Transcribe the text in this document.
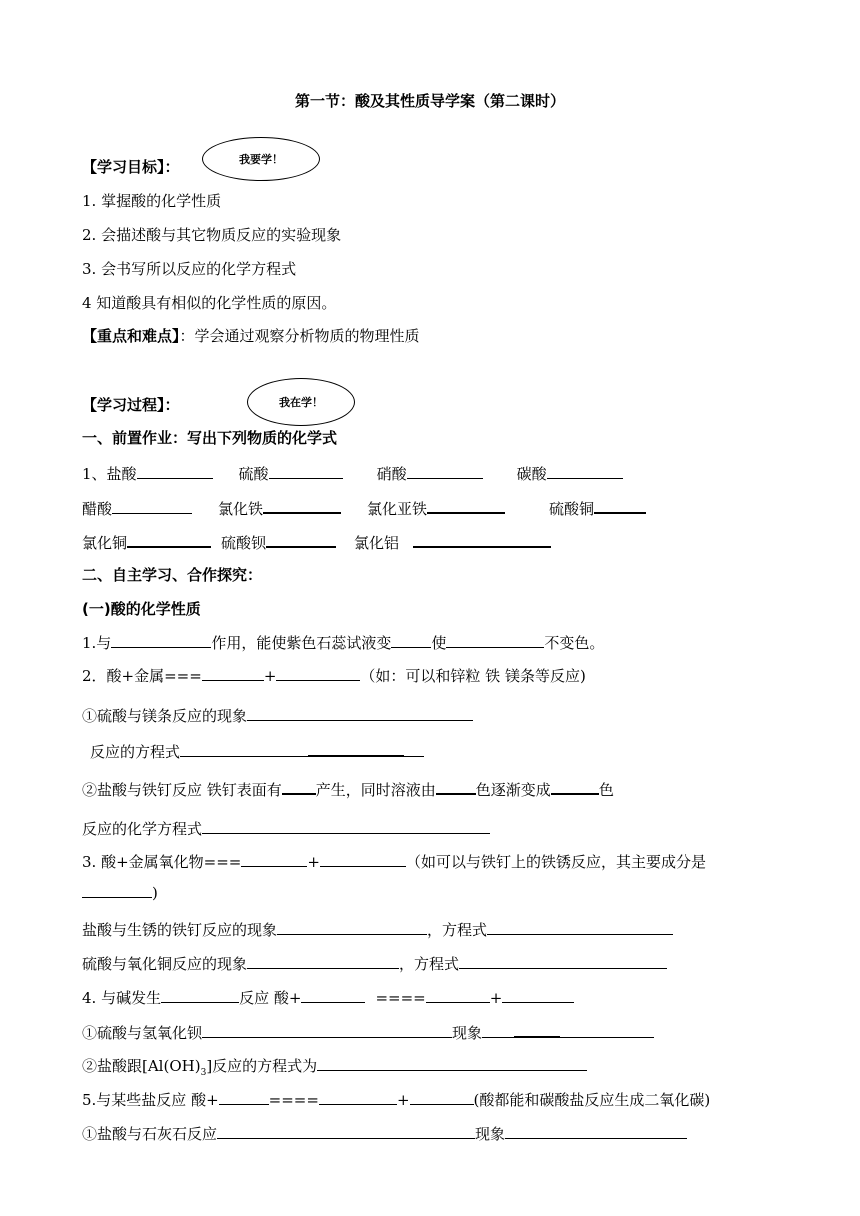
第一节：酸及其性质导学案（第二课时）
【学习目标】：	我要学！
1. 掌握酸的化学性质
2. 会描述酸与其它物质反应的实验现象
3. 会书写所以反应的化学方程式
4 知道酸具有相似的化学性质的原因。
【重点和难点】：学会通过观察分析物质的物理性质
【学习过程】：	我在学！
一、前置作业：写出下列物质的化学式
1、盐酸	硫酸	硝酸	碳酸
醋酸	氯化铁	氯化亚铁	硫酸铜
氯化铜	硫酸钡	氯化铝
二、自主学习、合作探究：
(一)酸的化学性质
1.与	作用，能使紫色石蕊试液变	使	不变色。
2．酸+金属===	+	（如：可以和锌粒 铁 镁条等反应)
①硫酸与镁条反应的现象
反应的方程式
②盐酸与铁钉反应 铁钉表面有 产生，同时溶液由	色逐渐变成	色
反应的化学方程式
3. 酸+金属氧化物===	+	（如可以与铁钉上的铁锈反应，其主要成分是
)
盐酸与生锈的铁钉反应的现象	，方程式
硫酸与氧化铜反应的现象	，方程式
4. 与碱发生	反应 酸+	====	+
①硫酸与氢氧化钡	现象
②盐酸跟$[Al(OH)_3]$反应的方程式为
5.与某些盐反应 酸+	====	+	(酸都能和碳酸盐反应生成二氧化碳)
①盐酸与石灰石反应	现象
